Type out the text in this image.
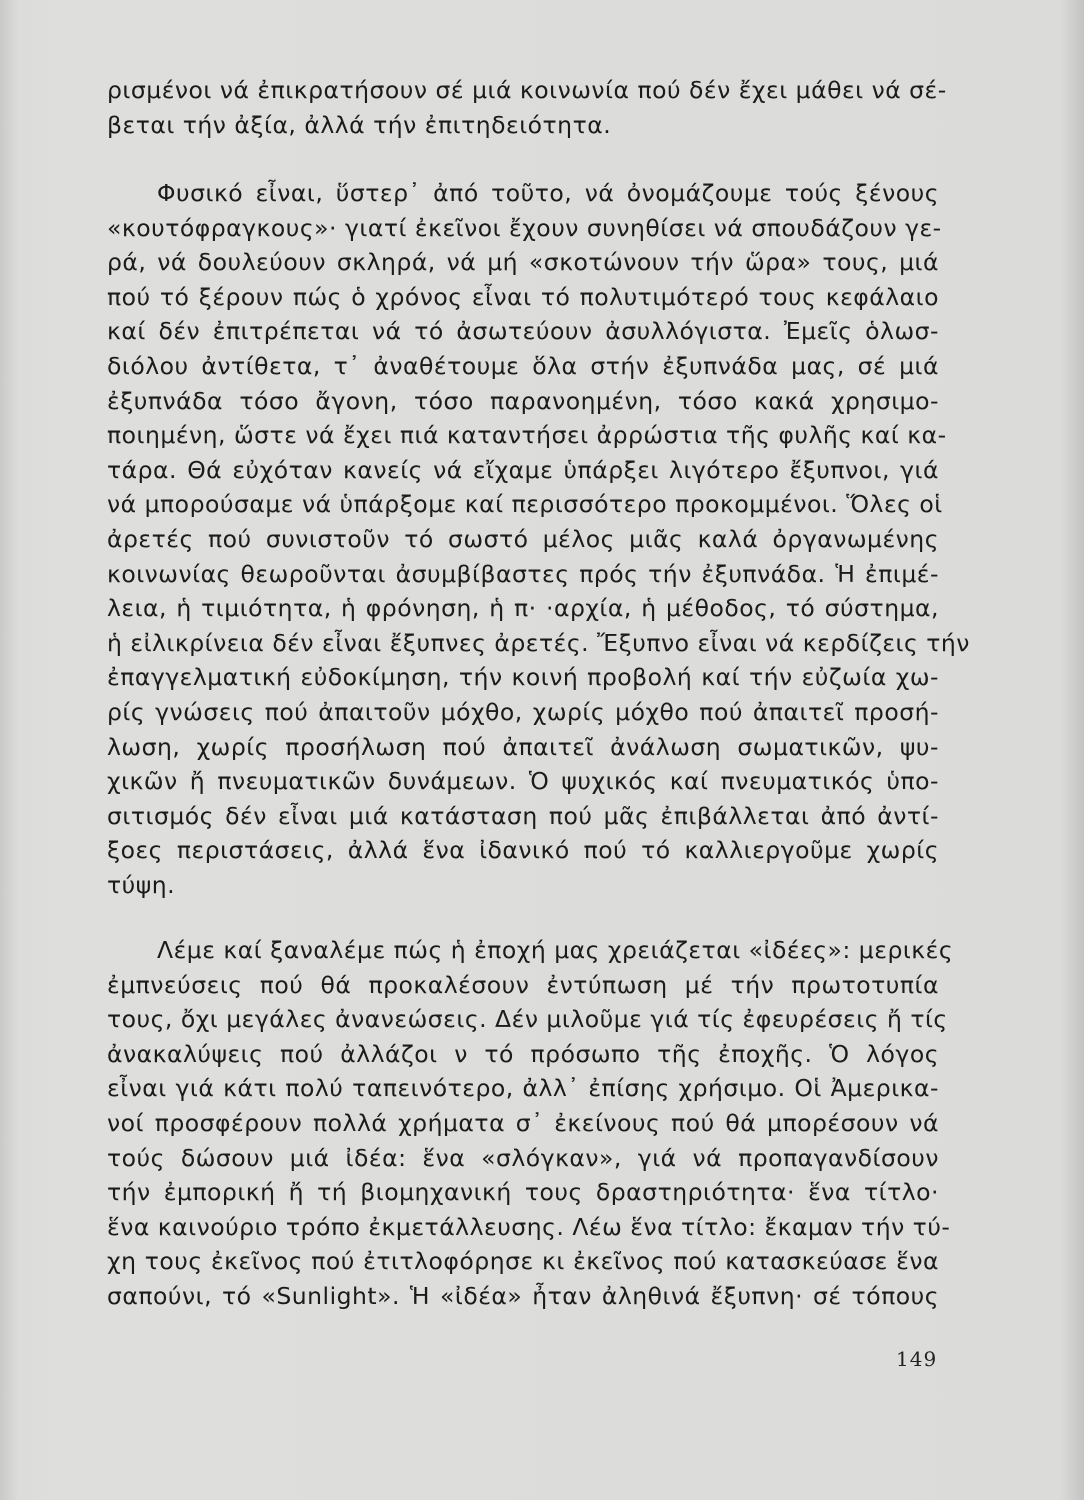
ρισμένοι νά ἐπικρατήσουν σέ μιά κοινωνία πού δέν ἔχει μάθει νά σέ-
βεται τήν ἀξία, ἀλλά τήν ἐπιτηδειότητα.
Φυσικό εἶναι, ὕστερ᾽ ἀπό τοῦτο, νά ὀνομάζουμε τούς ξένους
«κουτόφραγκους»· γιατί ἐκεῖνοι ἔχουν συνηθίσει νά σπουδάζουν γε-
ρά, νά δουλεύουν σκληρά, νά μή «σκοτώνουν τήν ὥρα» τους, μιά
πού τό ξέρουν πώς ὁ χρόνος εἶναι τό πολυτιμότερό τους κεφάλαιο
καί δέν ἐπιτρέπεται νά τό ἀσωτεύουν ἀσυλλόγιστα. Ἐμεῖς ὁλωσ-
διόλου ἀντίθετα, τ᾽ ἀναθέτουμε ὅλα στήν ἐξυπνάδα μας, σέ μιά
ἐξυπνάδα τόσο ἄγονη, τόσο παρανοημένη, τόσο κακά χρησιμο-
ποιημένη, ὥστε νά ἔχει πιά καταντήσει ἀρρώστια τῆς φυλῆς καί κα-
τάρα. Θά εὐχόταν κανείς νά εἴχαμε ὑπάρξει λιγότερο ἔξυπνοι, γιά
νά μπορούσαμε νά ὑπάρξομε καί περισσότερο προκομμένοι. Ὅλες οἱ
ἀρετές πού συνιστοῦν τό σωστό μέλος μιᾶς καλά ὀργανωμένης
κοινωνίας θεωροῦνται ἀσυμβίβαστες πρός τήν ἐξυπνάδα. Ἡ ἐπιμέ-
λεια, ἡ τιμιότητα, ἡ φρόνηση, ἡ π· ·αρχία, ἡ μέθοδος, τό σύστημα,
ἡ εἰλικρίνεια δέν εἶναι ἔξυπνες ἀρετές. Ἔξυπνο εἶναι νά κερδίζεις τήν
ἐπαγγελματική εὐδοκίμηση, τήν κοινή προβολή καί τήν εὐζωία χω-
ρίς γνώσεις πού ἀπαιτοῦν μόχθο, χωρίς μόχθο πού ἀπαιτεῖ προσή-
λωση, χωρίς προσήλωση πού ἀπαιτεῖ ἀνάλωση σωματικῶν, ψυ-
χικῶν ἤ πνευματικῶν δυνάμεων. Ὁ ψυχικός καί πνευματικός ὑπο-
σιτισμός δέν εἶναι μιά κατάσταση πού μᾶς ἐπιβάλλεται ἀπό ἀντί-
ξοες περιστάσεις, ἀλλά ἕνα ἰδανικό πού τό καλλιεργοῦμε χωρίς
τύψη.
Λέμε καί ξαναλέμε πώς ἡ ἐποχή μας χρειάζεται «ἰδέες»: μερικές
ἐμπνεύσεις πού θά προκαλέσουν ἐντύπωση μέ τήν πρωτοτυπία
τους, ὄχι μεγάλες ἀνανεώσεις. Δέν μιλοῦμε γιά τίς ἐφευρέσεις ἤ τίς
ἀνακαλύψεις πού ἀλλάζοι ν τό πρόσωπο τῆς ἐποχῆς. Ὁ λόγος
εἶναι γιά κάτι πολύ ταπεινότερο, ἀλλ᾽ ἐπίσης χρήσιμο. Οἱ Ἀμερικα-
νοί προσφέρουν πολλά χρήματα σ᾽ ἐκείνους πού θά μπορέσουν νά
τούς δώσουν μιά ἰδέα: ἕνα «σλόγκαν», γιά νά προπαγανδίσουν
τήν ἐμπορική ἤ τή βιομηχανική τους δραστηριότητα· ἕνα τίτλο·
ἕνα καινούριο τρόπο ἐκμετάλλευσης. Λέω ἕνα τίτλο: ἔκαμαν τήν τύ-
χη τους ἐκεῖνος πού ἐτιτλοφόρησε κι ἐκεῖνος πού κατασκεύασε ἕνα
σαπούνι, τό «Sunlight». Ἡ «ἰδέα» ἦταν ἀληθινά ἔξυπνη· σέ τόπους
149
